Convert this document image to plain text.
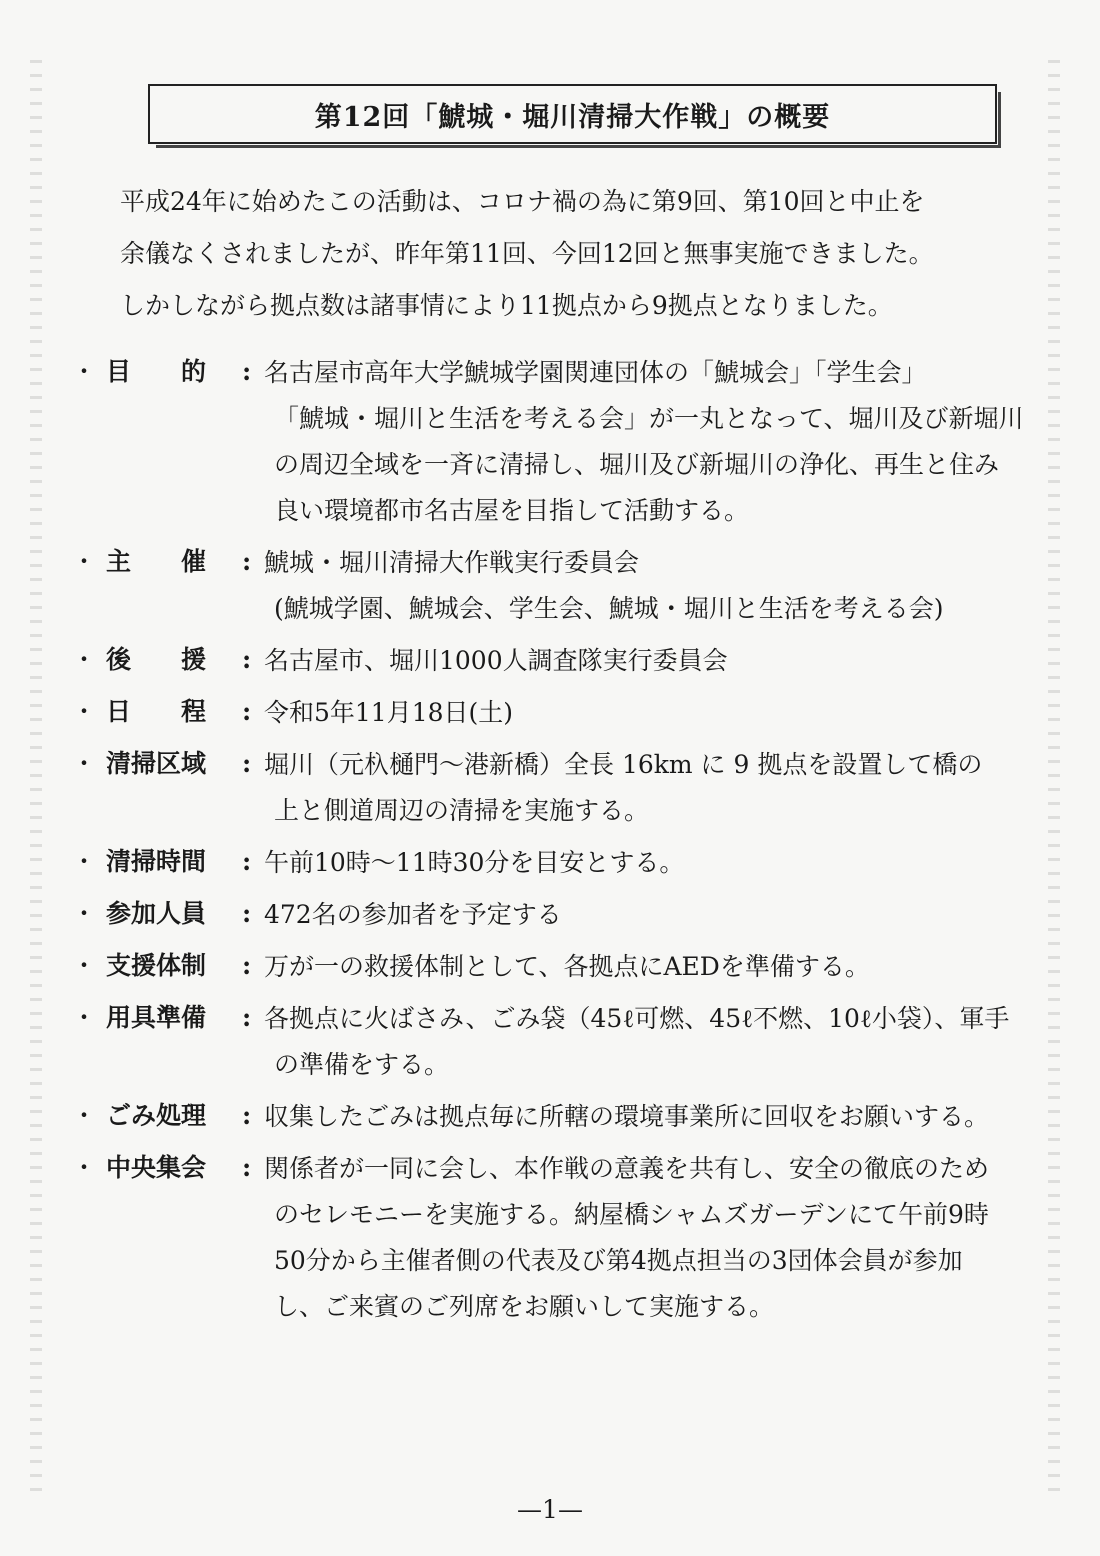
第12回「鯱城・堀川清掃大作戦」の概要

平成24年に始めたこの活動は、コロナ禍の為に第9回、第10回と中止を

余儀なくされましたが、昨年第11回、今回12回と無事実施できました。

しかしながら拠点数は諸事情により11拠点から9拠点となりました。

・ 目　　的	: 名古屋市高年大学鯱城学園関連団体の「鯱城会」「学生会」
「鯱城・堀川と生活を考える会」が一丸となって、堀川及び新堀川
の周辺全域を一斉に清掃し、堀川及び新堀川の浄化、再生と住み
良い環境都市名古屋を目指して活動する。
・ 主　　催	: 鯱城・堀川清掃大作戦実行委員会
(鯱城学園、鯱城会、学生会、鯱城・堀川と生活を考える会)
・ 後　　援	: 名古屋市、堀川1000人調査隊実行委員会
・ 日　　程	: 令和5年11月18日(土)
・ 清掃区域	: 堀川（元杁樋門～港新橋）全長 16km に 9 拠点を設置して橋の
上と側道周辺の清掃を実施する。
・ 清掃時間	: 午前10時～11時30分を目安とする。
・ 参加人員	: 472名の参加者を予定する
・ 支援体制	: 万が一の救援体制として、各拠点にAEDを準備する。
・ 用具準備	: 各拠点に火ばさみ、ごみ袋（45ℓ可燃、45ℓ不燃、10ℓ小袋）、軍手
の準備をする。
・ ごみ処理	: 収集したごみは拠点毎に所轄の環境事業所に回収をお願いする。
・ 中央集会	: 関係者が一同に会し、本作戦の意義を共有し、安全の徹底のため
のセレモニーを実施する。納屋橋シャムズガーデンにて午前9時
50分から主催者側の代表及び第4拠点担当の3団体会員が参加
し、ご来賓のご列席をお願いして実施する。
—1—
